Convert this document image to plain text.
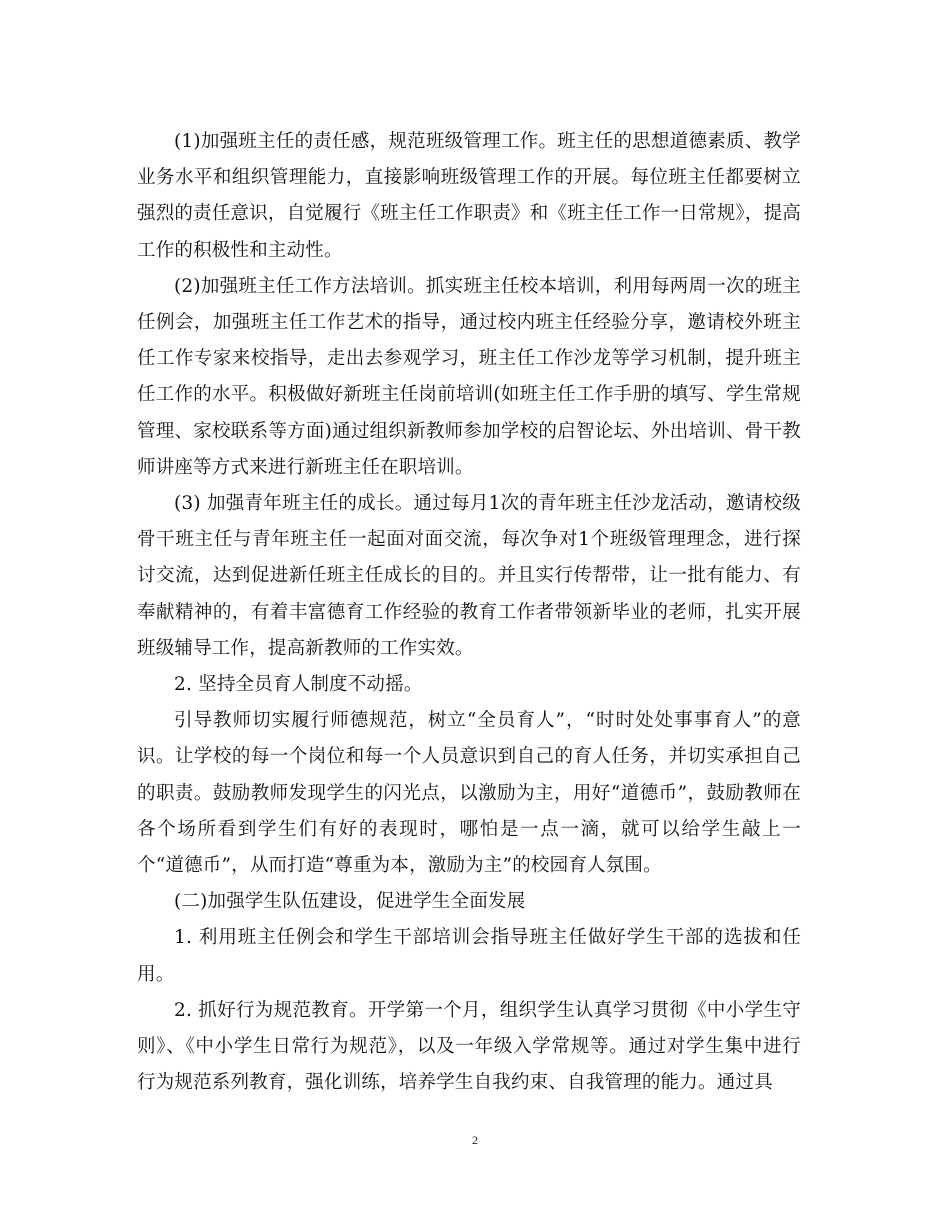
(1)加强班主任的责任感，规范班级管理工作。班主任的思想道德素质、教学业务水平和组织管理能力，直接影响班级管理工作的开展。每位班主任都要树立强烈的责任意识，自觉履行《班主任工作职责》和《班主任工作一日常规》，提高工作的积极性和主动性。

(2)加强班主任工作方法培训。抓实班主任校本培训，利用每两周一次的班主任例会，加强班主任工作艺术的指导，通过校内班主任经验分享，邀请校外班主任工作专家来校指导，走出去参观学习，班主任工作沙龙等学习机制，提升班主任工作的水平。积极做好新班主任岗前培训(如班主任工作手册的填写、学生常规管理、家校联系等方面)通过组织新教师参加学校的启智论坛、外出培训、骨干教师讲座等方式来进行新班主任在职培训。

(3) 加强青年班主任的成长。通过每月1次的青年班主任沙龙活动，邀请校级骨干班主任与青年班主任一起面对面交流，每次争对1个班级管理理念，进行探讨交流，达到促进新任班主任成长的目的。并且实行传帮带，让一批有能力、有奉献精神的，有着丰富德育工作经验的教育工作者带领新毕业的老师，扎实开展班级辅导工作，提高新教师的工作实效。

2. 坚持全员育人制度不动摇。

引导教师切实履行师德规范，树立“全员育人”，“时时处处事事育人”的意识。让学校的每一个岗位和每一个人员意识到自己的育人任务，并切实承担自己的职责。鼓励教师发现学生的闪光点，以激励为主，用好“道德币”，鼓励教师在各个场所看到学生们有好的表现时，哪怕是一点一滴，就可以给学生敲上一个“道德币”，从而打造“尊重为本，激励为主”的校园育人氛围。

(二)加强学生队伍建设，促进学生全面发展

1. 利用班主任例会和学生干部培训会指导班主任做好学生干部的选拔和任用。

2. 抓好行为规范教育。开学第一个月，组织学生认真学习贯彻《中小学生守则》、《中小学生日常行为规范》，以及一年级入学常规等。通过对学生集中进行行为规范系列教育，强化训练，培养学生自我约束、自我管理的能力。通过具

2
